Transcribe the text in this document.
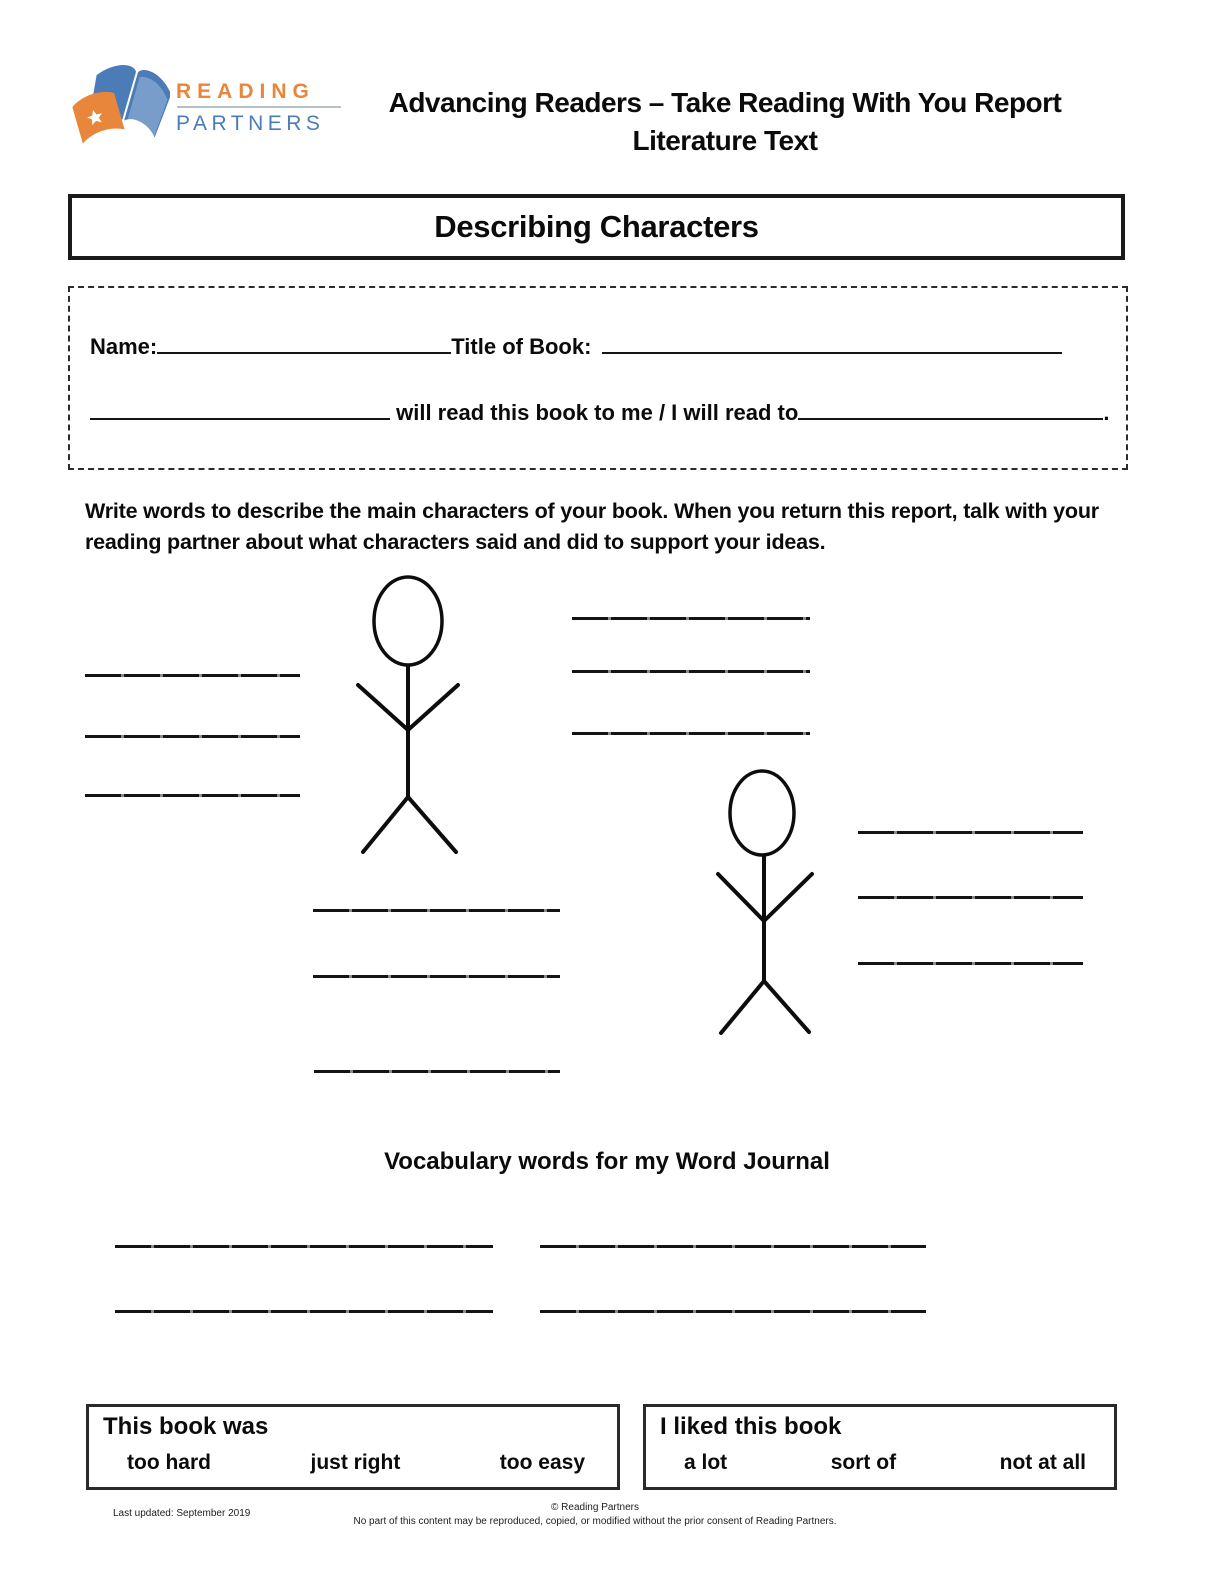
READING
PARTNERS
Advancing Readers – Take Reading With You Report
Literature Text
Describing Characters
Name:	Title of Book:

will read this book to me / I will read to	.
Write words to describe the main characters of your book. When you return this report, talk with your reading partner about what characters said and did to support your ideas.
Vocabulary words for my Word Journal
This book was
too hard	just right	too easy
I liked this book
a lot	sort of	not at all
Last updated: September 2019
© Reading Partners
No part of this content may be reproduced, copied, or modified without the prior consent of Reading Partners.
